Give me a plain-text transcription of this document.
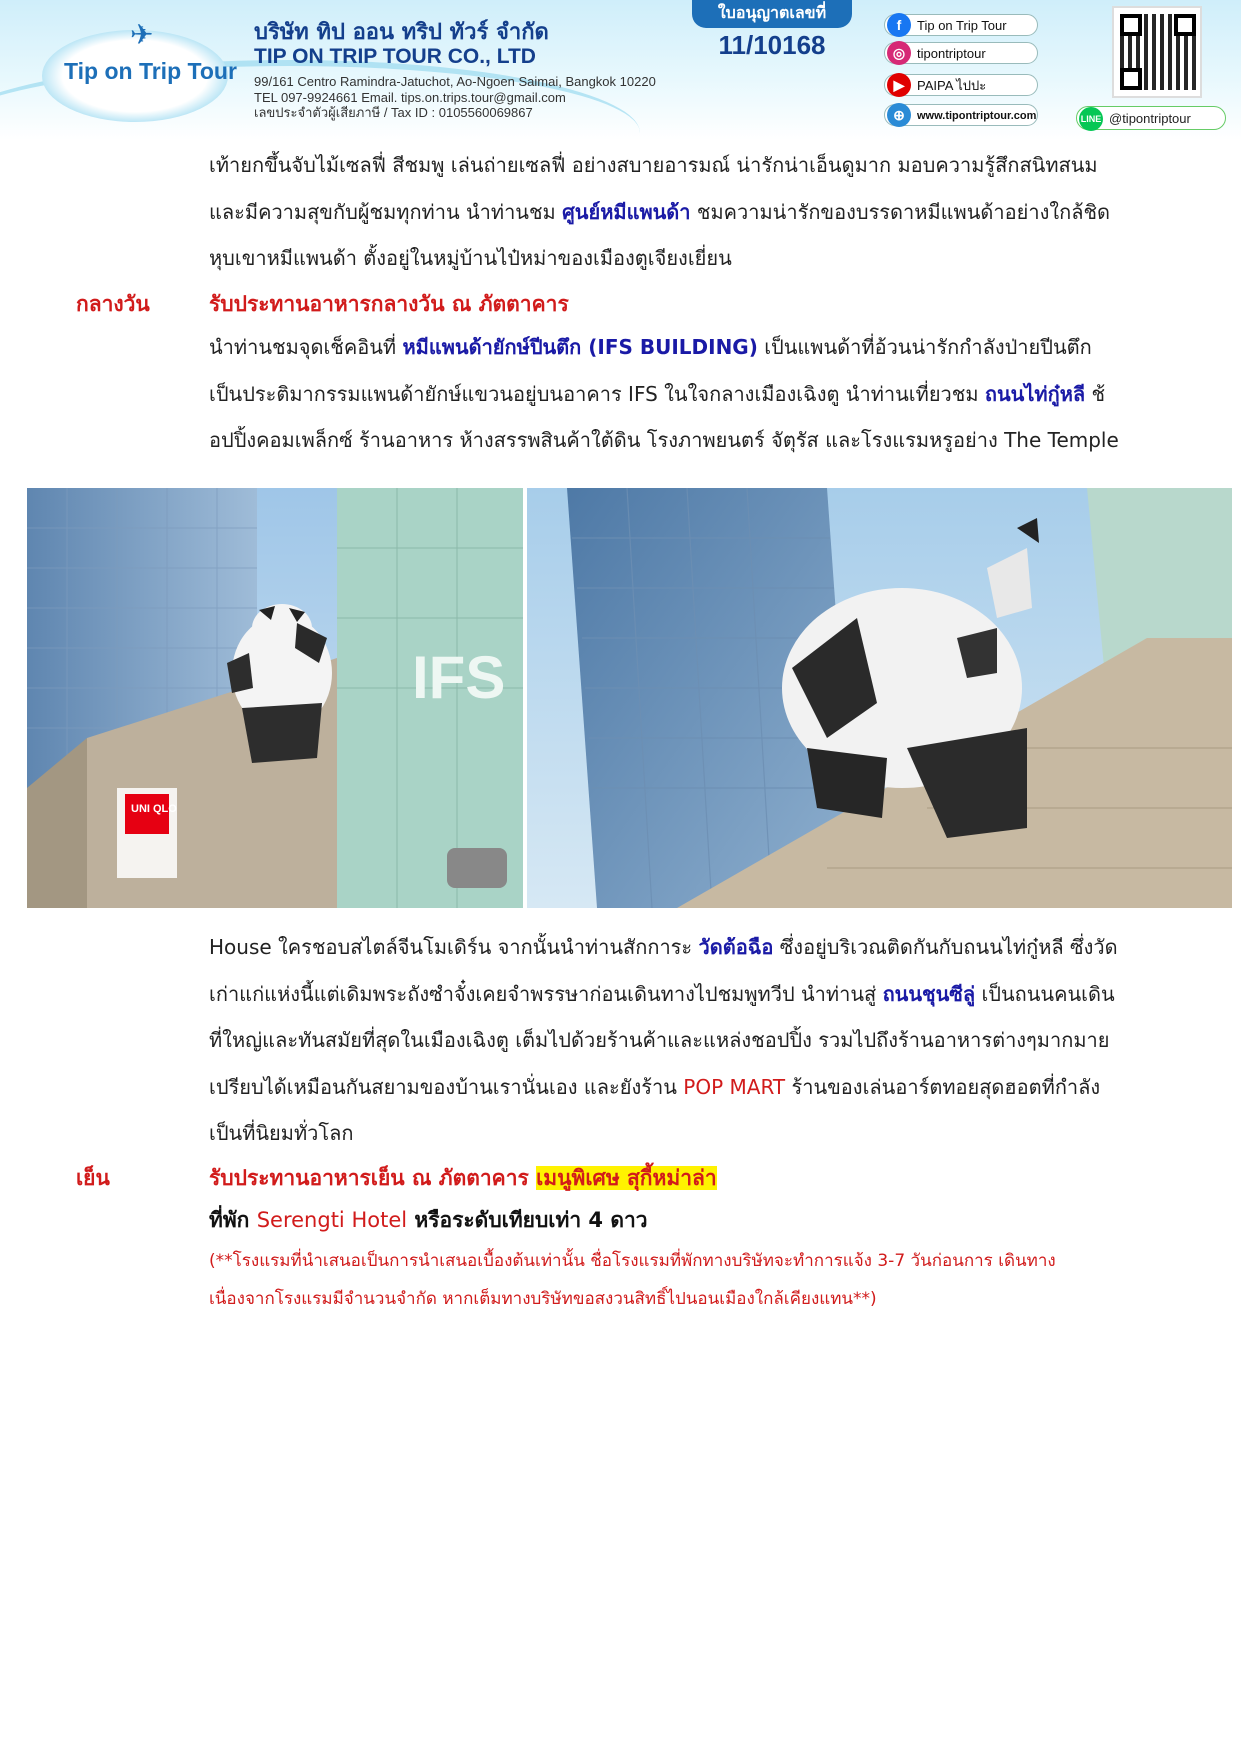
✈
Tip on Trip Tour
บริษัท ทิป ออน ทริป ทัวร์ จำกัด
TIP ON TRIP TOUR CO., LTD
99/161 Centro Ramindra-Jatuchot, Ao-Ngoen Saimai, Bangkok 10220
TEL 097-9924661 Email. tips.on.trips.tour@gmail.com
เลขประจำตัวผู้เสียภาษี / Tax ID : 0105560069867
ใบอนุญาตเลขที่
11/10168
f	Tip on Trip Tour
◎ tipontriptour
▶ PAIPA ไปปะ
⊕	www.tipontriptour.com	LINE @tipontriptour
เท้ายกขึ้นจับไม้เซลฟี่ สีชมพู เล่นถ่ายเซลฟี่ อย่างสบายอารมณ์ น่ารักน่าเอ็นดูมาก มอบความรู้สึกสนิทสนม
และมีความสุขกับผู้ชมทุกท่าน นำท่านชม ศูนย์หมีแพนด้า ชมความน่ารักของบรรดาหมีแพนด้าอย่างใกล้ชิด
หุบเขาหมีแพนด้า ตั้งอยู่ในหมู่บ้านไป๋หม่าของเมืองตูเจียงเยี่ยน
กลางวัน	รับประทานอาหารกลางวัน ณ ภัตตาคาร
นำท่านชมจุดเช็คอินที่ หมีแพนด้ายักษ์ปีนตึก (IFS BUILDING) เป็นแพนด้าที่อ้วนน่ารักกำลังป่ายปีนตึก
เป็นประติมากรรมแพนด้ายักษ์แขวนอยู่บนอาคาร IFS ในใจกลางเมืองเฉิงตู นำท่านเที่ยวชม ถนนไท่กู๋หลี ช้
อปปิ้งคอมเพล็กซ์ ร้านอาหาร ห้างสรรพสินค้าใต้ดิน โรงภาพยนตร์ จัตุรัส และโรงแรมหรูอย่าง The Temple
IFS
UNI QLO
House ใครชอบสไตล์จีนโมเดิร์น จากนั้นนำท่านสักการะ วัดต้อฉือ ซึ่งอยู่บริเวณติดกันกับถนนไท่กู๋หลี ซึ่งวัด
เก่าแก่แห่งนี้แต่เดิมพระถังซำจั๋งเคยจำพรรษาก่อนเดินทางไปชมพูทวีป นำท่านสู่ ถนนชุนซีลู่ เป็นถนนคนเดิน
ที่ใหญ่และทันสมัยที่สุดในเมืองเฉิงตู เต็มไปด้วยร้านค้าและแหล่งชอปปิ้ง รวมไปถึงร้านอาหารต่างๆมากมาย
เปรียบได้เหมือนกันสยามของบ้านเรานั่นเอง และยังร้าน POP MART ร้านของเล่นอาร์ตทอยสุดฮอตที่กำลัง
เป็นที่นิยมทั่วโลก
เย็น	รับประทานอาหารเย็น ณ ภัตตาคาร เมนูพิเศษ สุกี้หม่าล่า
ที่พัก Serengti Hotel หรือระดับเทียบเท่า 4 ดาว
(**โรงแรมที่นำเสนอเป็นการนำเสนอเบื้องต้นเท่านั้น ชื่อโรงแรมที่พักทางบริษัทจะทำการแจ้ง 3-7 วันก่อนการ เดินทาง
เนื่องจากโรงแรมมีจำนวนจำกัด หากเต็มทางบริษัทขอสงวนสิทธิ์ไปนอนเมืองใกล้เคียงแทน**)
